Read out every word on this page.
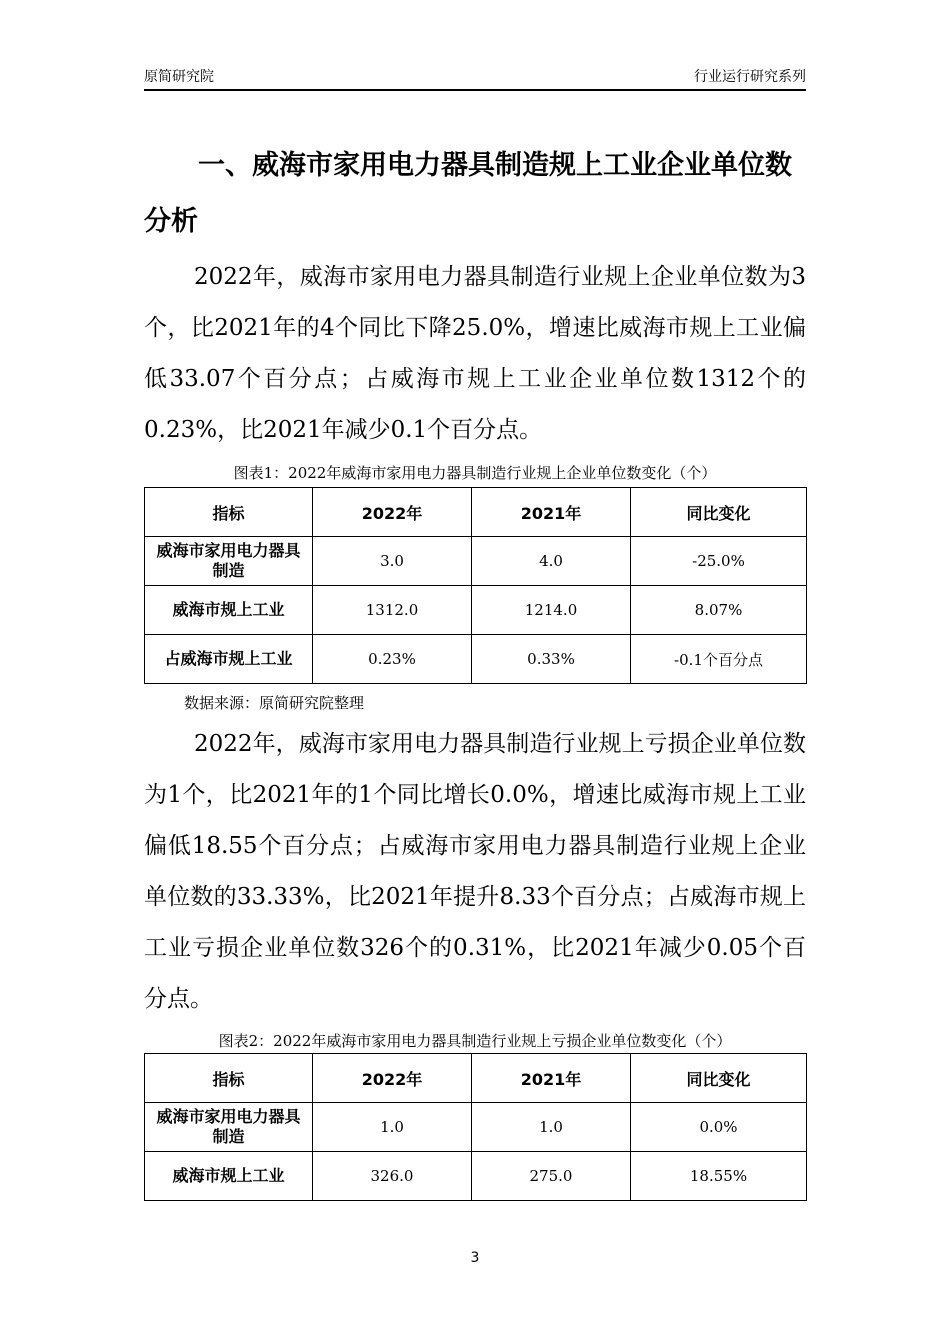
原简研究院	行业运行研究系列
一、威海市家用电力器具制造规上工业企业单位数分析

2022年，威海市家用电力器具制造行业规上企业单位数为3个，比2021年的4个同比下降25.0%，增速比威海市规上工业偏低33.07个百分点；占威海市规上工业企业单位数1312个的0.23%，比2021年减少0.1个百分点。

图表1：2022年威海市家用电力器具制造行业规上企业单位数变化（个）
指标	2022年	2021年	同比变化
威海市家用电力器具制造	3.0	4.0	-25.0%
威海市规上工业	1312.0	1214.0	8.07%
占威海市规上工业	0.23%	0.33%	-0.1个百分点
数据来源：原简研究院整理

2022年，威海市家用电力器具制造行业规上亏损企业单位数为1个，比2021年的1个同比增长0.0%，增速比威海市规上工业偏低18.55个百分点；占威海市家用电力器具制造行业规上企业单位数的33.33%，比2021年提升8.33个百分点；占威海市规上工业亏损企业单位数326个的0.31%，比2021年减少0.05个百分点。

图表2：2022年威海市家用电力器具制造行业规上亏损企业单位数变化（个）
指标	2022年	2021年	同比变化
威海市家用电力器具制造	1.0	1.0	0.0%
威海市规上工业	326.0	275.0	18.55%
3
